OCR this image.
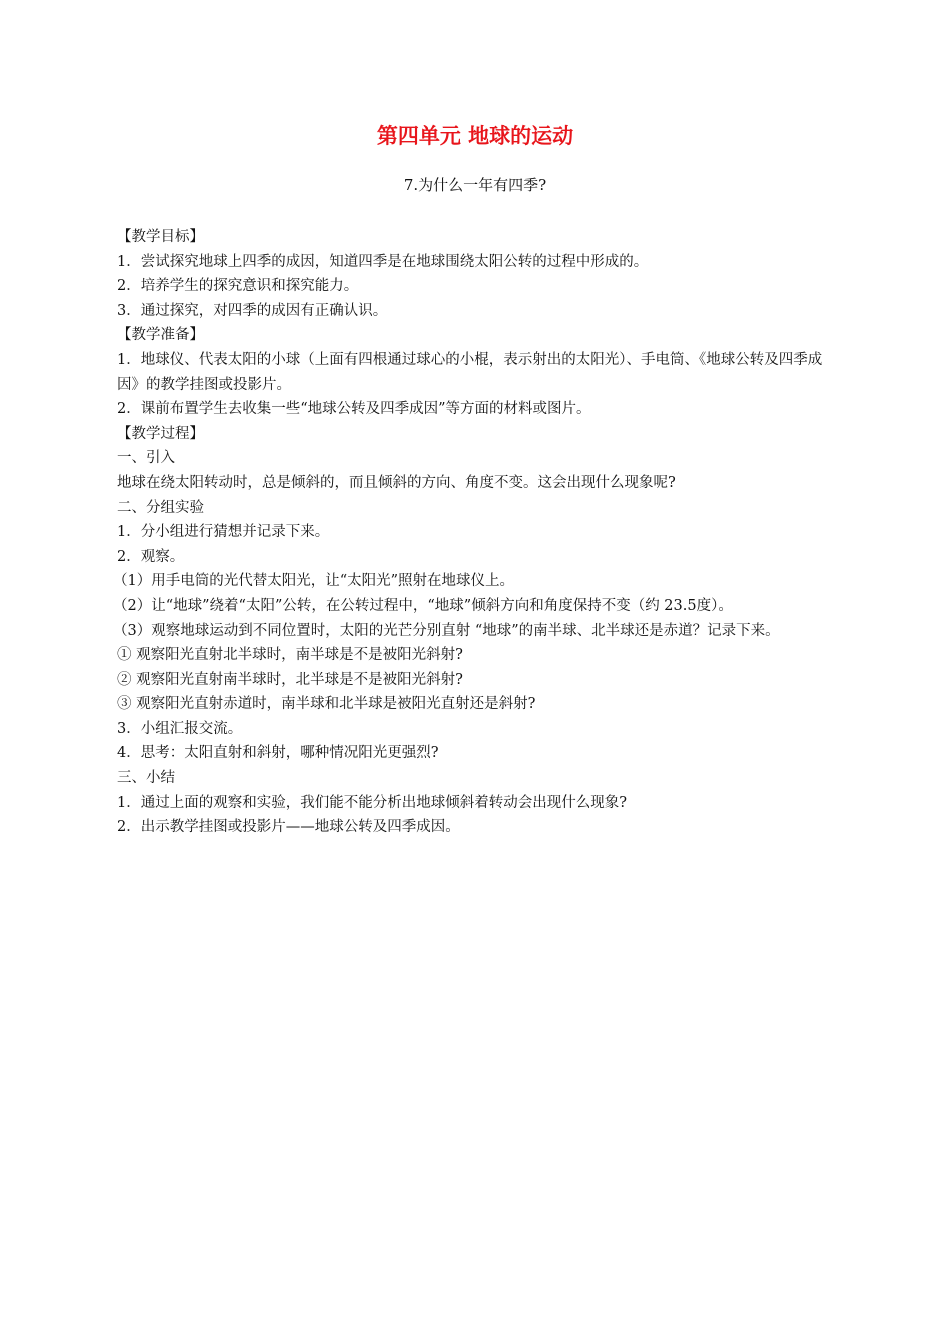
第四单元 地球的运动
7.为什么一年有四季?

【教学目标】

1．尝试探究地球上四季的成因，知道四季是在地球围绕太阳公转的过程中形成的。

2．培养学生的探究意识和探究能力。

3．通过探究，对四季的成因有正确认识。

【教学准备】

1．地球仪、代表太阳的小球（上面有四根通过球心的小棍，表示射出的太阳光）、手电筒、《地球公转及四季成因》的教学挂图或投影片。

2．课前布置学生去收集一些“地球公转及四季成因”等方面的材料或图片。

【教学过程】

一、引入

地球在绕太阳转动时，总是倾斜的，而且倾斜的方向、角度不变。这会出现什么现象呢?

二、分组实验

1．分小组进行猜想并记录下来。

2．观察。

（1）用手电筒的光代替太阳光，让“太阳光”照射在地球仪上。

（2）让“地球”绕着“太阳”公转，在公转过程中，“地球”倾斜方向和角度保持不变（约 23.5度）。

（3）观察地球运动到不同位置时，太阳的光芒分别直射 “地球”的南半球、北半球还是赤道？记录下来。

① 观察阳光直射北半球时，南半球是不是被阳光斜射?

② 观察阳光直射南半球时，北半球是不是被阳光斜射?

③ 观察阳光直射赤道时，南半球和北半球是被阳光直射还是斜射?

3．小组汇报交流。

4．思考：太阳直射和斜射，哪种情况阳光更强烈?

三、小结

1．通过上面的观察和实验，我们能不能分析出地球倾斜着转动会出现什么现象?

2．出示教学挂图或投影片——地球公转及四季成因。
